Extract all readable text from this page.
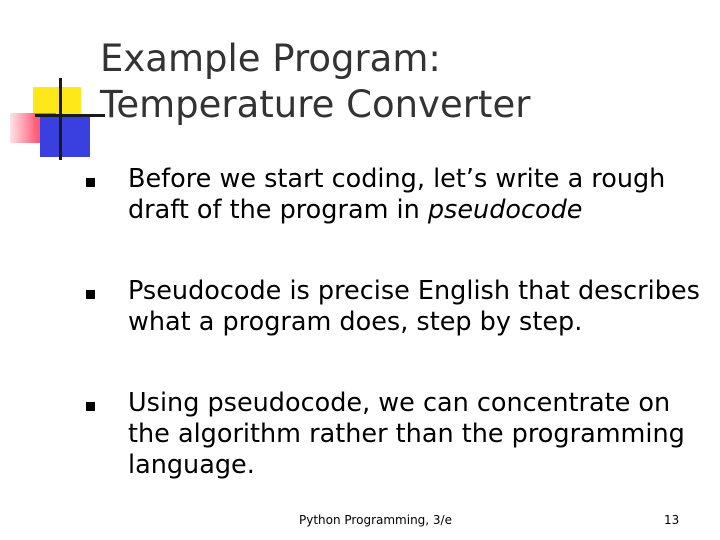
Example Program:
Temperature Converter
Before we start coding, let’s write a rough draft of the program in pseudocode
Pseudocode is precise English that describes what a program does, step by step.
Using pseudocode, we can concentrate on the algorithm rather than the programming language.
Python Programming, 3/e	13
